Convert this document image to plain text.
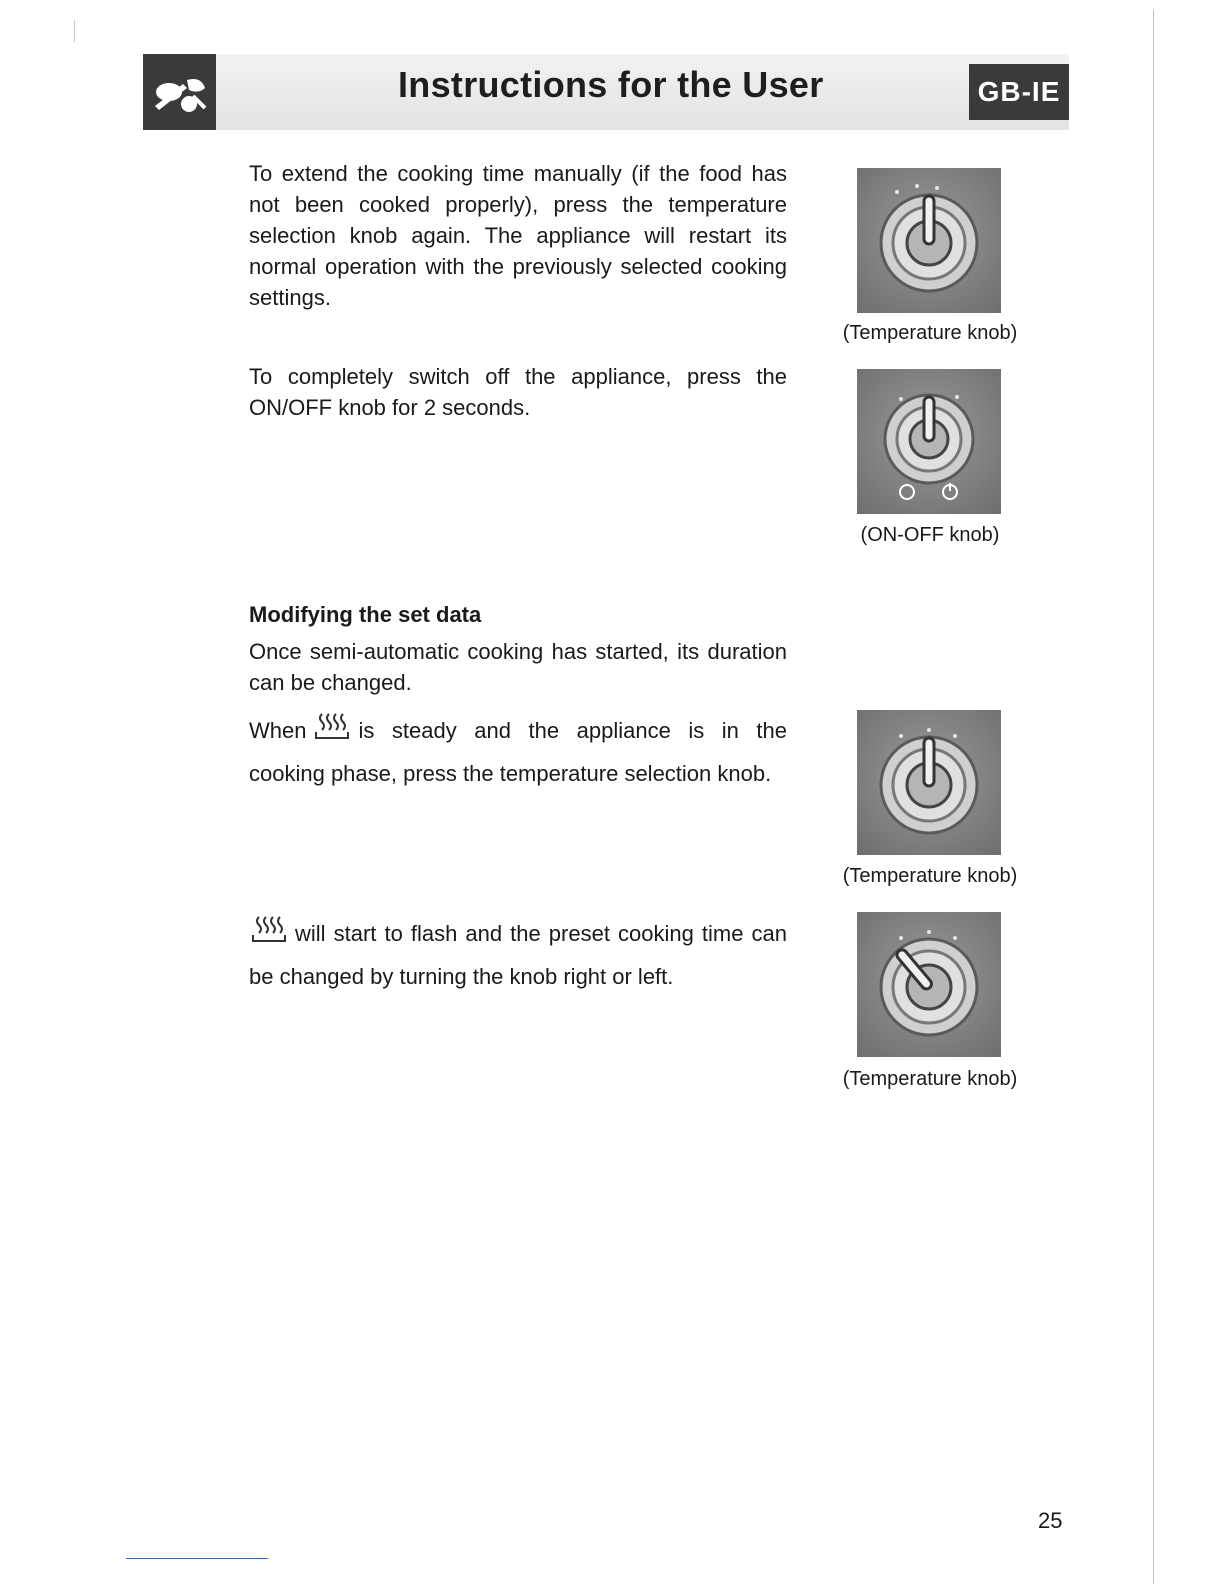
Instructions for the User	GB-IE
To extend the cooking time manually (if the food has not been cooked properly), press the temperature selection knob again. The appliance will restart its normal operation with the previously selected cooking settings.
To completely switch off the appliance, press the ON/OFF knob for 2 seconds.
Modifying the set data
Once semi-automatic cooking has started, its duration can be changed.
When is steady and the appliance is in the cooking phase, press the temperature selection knob.
will start to flash and the preset cooking time can be changed by turning the knob right or left.
(Temperature knob)
(ON-OFF knob)
(Temperature knob)
(Temperature knob)
25
